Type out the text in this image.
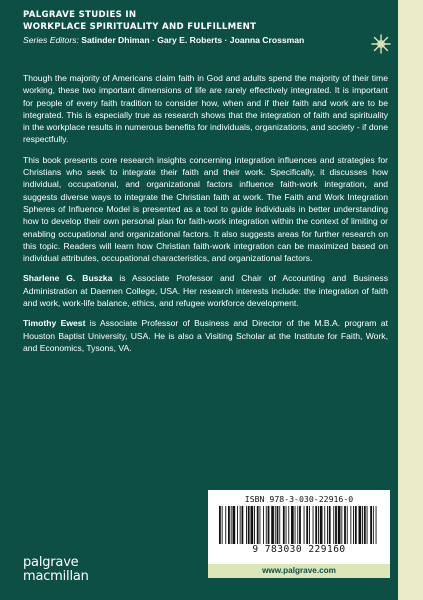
PALGRAVE STUDIES IN
WORKPLACE SPIRITUALITY AND FULFILLMENT
Series Editors: Satinder Dhiman · Gary E. Roberts · Joanna Crossman

Though the majority of Americans claim faith in God and adults spend the majority of their time working, these two important dimensions of life are rarely effectively integrated. It is important for people of every faith tradition to consider how, when and if their faith and work are to be integrated. This is especially true as research shows that the integration of faith and spirituality in the workplace results in numerous benefits for individuals, organizations, and society - if done respectfully.

This book presents core research insights concerning integration influences and strategies for Christians who seek to integrate their faith and their work. Specifically, it discusses how individual, occupational, and organizational factors influence faith-work integration, and suggests diverse ways to integrate the Christian faith at work. The Faith and Work Integration Spheres of Influence Model is presented as a tool to guide individuals in better understanding how to develop their own personal plan for faith-work integration within the context of limiting or enabling occupational and organizational factors. It also suggests areas for further research on this topic. Readers will learn how Christian faith-work integration can be maximized based on individual attributes, occupational characteristics, and organizational factors.

Sharlene G. Buszka is Associate Professor and Chair of Accounting and Business Administration at Daemen College, USA. Her research interests include: the integration of faith and work, work-life balance, ethics, and refugee workforce development.

Timothy Ewest is Associate Professor of Business and Director of the M.B.A. program at Houston Baptist University, USA. He is also a Visiting Scholar at the Institute for Faith, Work, and Economics, Tysons, VA.

ISBN 978-3-030-22916-0
9 783030 229160
www.palgrave.com
palgrave
macmillan
